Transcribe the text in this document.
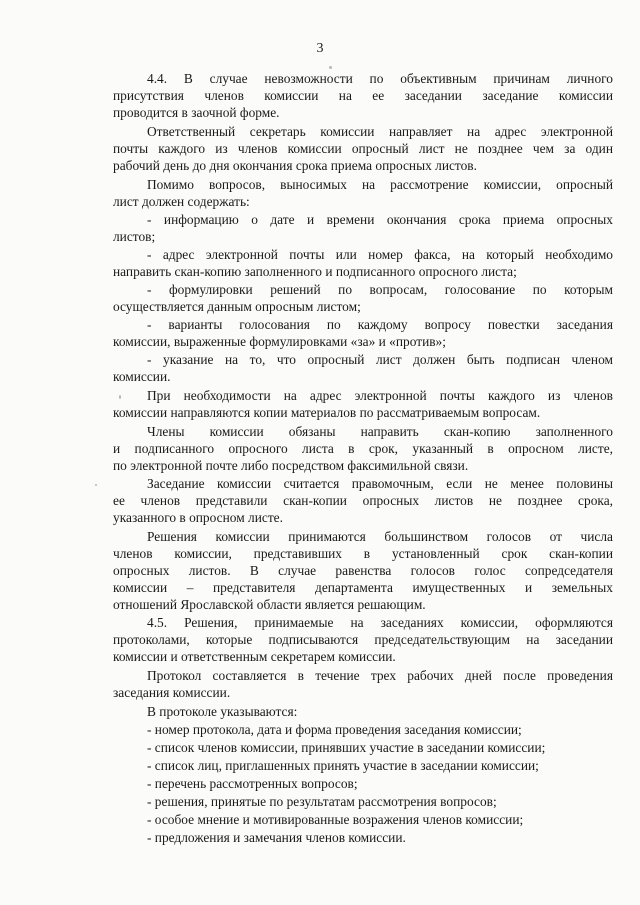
3
4.4. В случае невозможности по объективным причинам личного
присутствия членов комиссии на ее заседании заседание комиссии
проводится в заочной форме.
Ответственный секретарь комиссии направляет на адрес электронной
почты каждого из членов комиссии опросный лист не позднее чем за один
рабочий день до дня окончания срока приема опросных листов.
Помимо вопросов, выносимых на рассмотрение комиссии, опросный
лист должен содержать:
- информацию о дате и времени окончания срока приема опросных
листов;
- адрес электронной почты или номер факса, на который необходимо
направить скан-копию заполненного и подписанного опросного листа;
- формулировки решений по вопросам, голосование по которым
осуществляется данным опросным листом;
- варианты голосования по каждому вопросу повестки заседания
комиссии, выраженные формулировками «за» и «против»;
- указание на то, что опросный лист должен быть подписан членом
комиссии.
При необходимости на адрес электронной почты каждого из членов
комиссии направляются копии материалов по рассматриваемым вопросам.
Члены комиссии обязаны направить скан-копию заполненного
и подписанного опросного листа в срок, указанный в опросном листе,
по электронной почте либо посредством факсимильной связи.
Заседание комиссии считается правомочным, если не менее половины
ее членов представили скан-копии опросных листов не позднее срока,
указанного в опросном листе.
Решения комиссии принимаются большинством голосов от числа
членов комиссии, представивших в установленный срок скан-копии
опросных листов. В случае равенства голосов голос сопредседателя
комиссии – представителя департамента имущественных и земельных
отношений Ярославской области является решающим.
4.5. Решения, принимаемые на заседаниях комиссии, оформляются
протоколами, которые подписываются председательствующим на заседании
комиссии и ответственным секретарем комиссии.
Протокол составляется в течение трех рабочих дней после проведения
заседания комиссии.
В протоколе указываются:
- номер протокола, дата и форма проведения заседания комиссии;
- список членов комиссии, принявших участие в заседании комиссии;
- список лиц, приглашенных принять участие в заседании комиссии;
- перечень рассмотренных вопросов;
- решения, принятые по результатам рассмотрения вопросов;
- особое мнение и мотивированные возражения членов комиссии;
- предложения и замечания членов комиссии.
